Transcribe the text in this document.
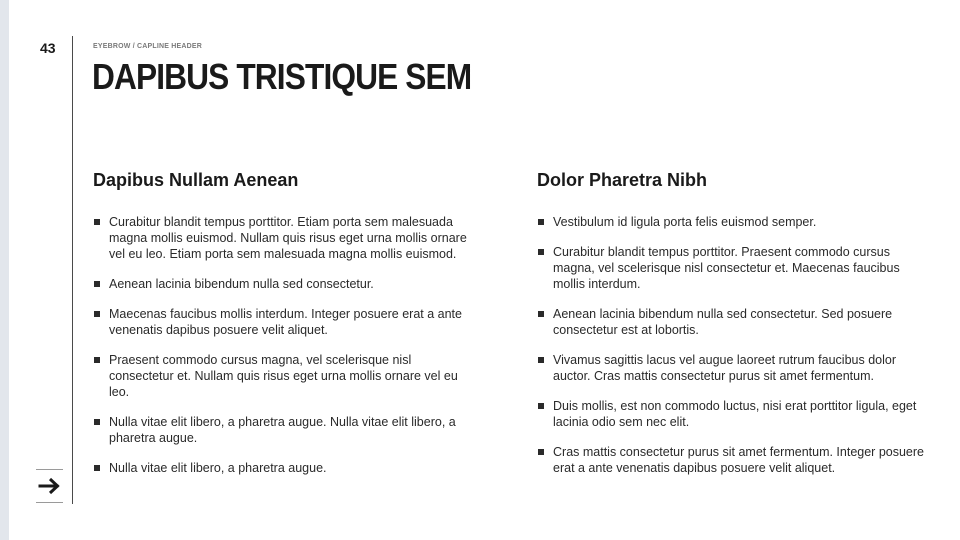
43	EYEBROW / CAPLINE HEADER
DAPIBUS TRISTIQUE SEM
Dapibus Nullam Aenean
Curabitur blandit tempus porttitor. Etiam porta sem malesuada magna mollis euismod. Nullam quis risus eget urna mollis ornare vel eu leo. Etiam porta sem malesuada magna mollis euismod.
Aenean lacinia bibendum nulla sed consectetur.
Maecenas faucibus mollis interdum. Integer posuere erat a ante venenatis dapibus posuere velit aliquet.
Praesent commodo cursus magna, vel scelerisque nisl consectetur et. Nullam quis risus eget urna mollis ornare vel eu leo.
Nulla vitae elit libero, a pharetra augue. Nulla vitae elit libero, a pharetra augue.
Nulla vitae elit libero, a pharetra augue.
Dolor Pharetra Nibh
Vestibulum id ligula porta felis euismod semper.
Curabitur blandit tempus porttitor. Praesent commodo cursus magna, vel scelerisque nisl consectetur et. Maecenas faucibus mollis interdum.
Aenean lacinia bibendum nulla sed consectetur. Sed posuere consectetur est at lobortis.
Vivamus sagittis lacus vel augue laoreet rutrum faucibus dolor auctor. Cras mattis consectetur purus sit amet fermentum.
Duis mollis, est non commodo luctus, nisi erat porttitor ligula, eget lacinia odio sem nec elit.
Cras mattis consectetur purus sit amet fermentum. Integer posuere erat a ante venenatis dapibus posuere velit aliquet.
